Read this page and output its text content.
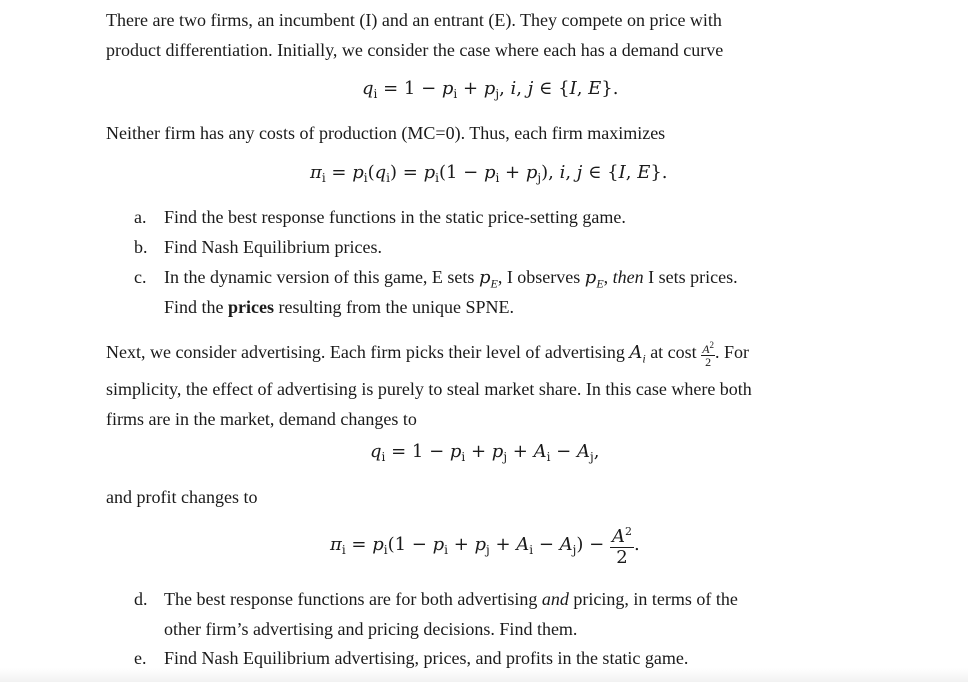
There are two firms, an incumbent (I) and an entrant (E). They compete on price with
product differentiation. Initially, we consider the case where each has a demand curve
$q_i = 1 - p_i + p_j$, i, j ∈ {I, E}.
Neither firm has any costs of production (MC=0). Thus, each firm maximizes
$\pi_i = p_i(q_i) = p_i(1 - p_i + p_j)$, i, j ∈ {I, E}.
a. Find the best response functions in the static price-setting game.
b. Find Nash Equilibrium prices.
c. In the dynamic version of this game, E sets $p_E$, I observes $p_E$, then I sets prices.
Find the prices resulting from the unique SPNE.
Next, we consider advertising. Each firm picks their level of advertising $A_i$ at cost $\frac{A^2}{2}$ . For
simplicity, the effect of advertising is purely to steal market share. In this case where both
firms are in the market, demand changes to
$q_i = 1 - p_i + p_j + A_i - A_j$,
and profit changes to
$\pi_i = p_i(1 - p_i + p_j + A_i - A_j) - \frac{A^2}{2}$ .
d. The best response functions are for both advertising and pricing, in terms of the
other firm’s advertising and pricing decisions. Find them.
e. Find Nash Equilibrium advertising, prices, and profits in the static game.
